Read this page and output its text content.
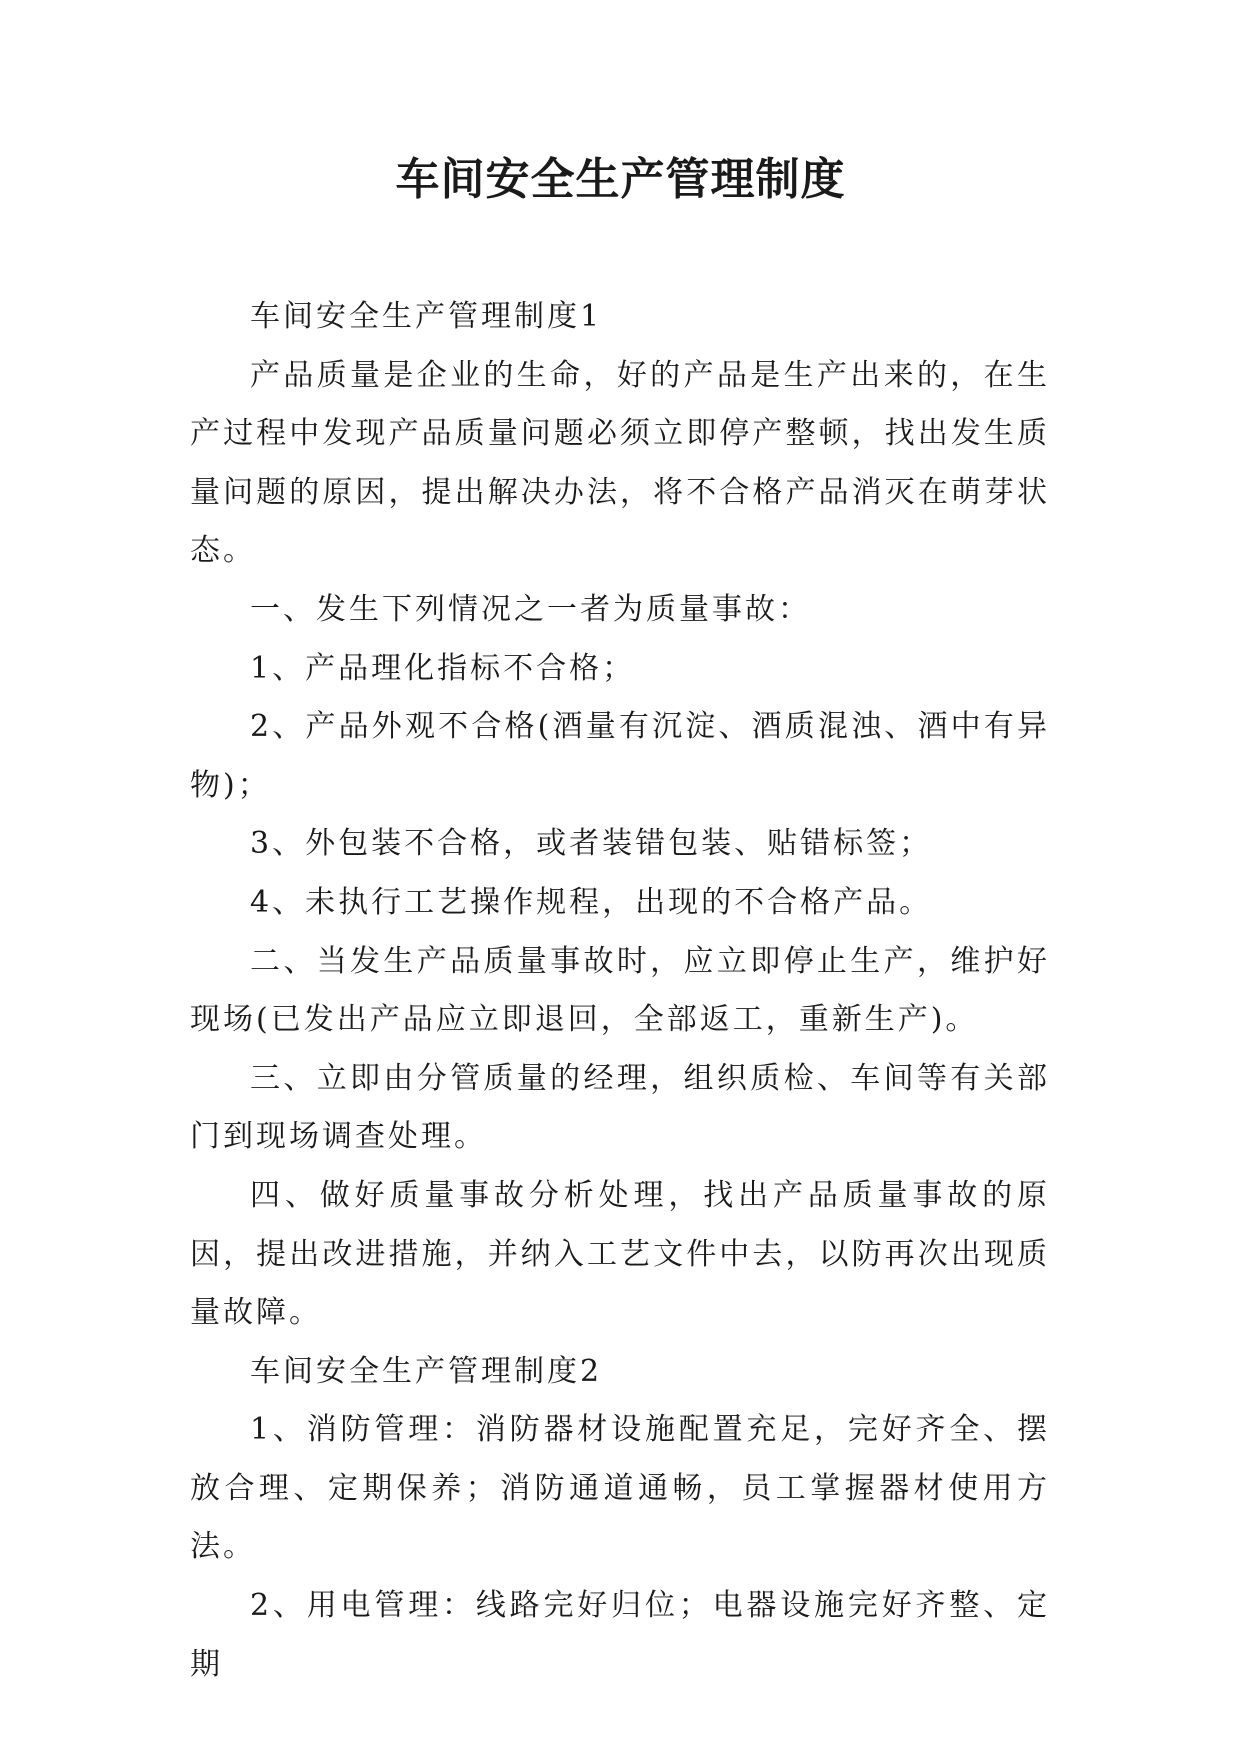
车间安全生产管理制度

车间安全生产管理制度1

产品质量是企业的生命，好的产品是生产出来的，在生产过程中发现产品质量问题必须立即停产整顿，找出发生质量问题的原因，提出解决办法，将不合格产品消灭在萌芽状态。

一、发生下列情况之一者为质量事故：

1、产品理化指标不合格；

2、产品外观不合格(酒量有沉淀、酒质混浊、酒中有异物)；

3、外包装不合格，或者装错包装、贴错标签；

4、未执行工艺操作规程，出现的不合格产品。

二、当发生产品质量事故时，应立即停止生产，维护好现场(已发出产品应立即退回，全部返工，重新生产)。

三、立即由分管质量的经理，组织质检、车间等有关部门到现场调查处理。

四、做好质量事故分析处理，找出产品质量事故的原因，提出改进措施，并纳入工艺文件中去，以防再次出现质量故障。

车间安全生产管理制度2

1、消防管理：消防器材设施配置充足，完好齐全、摆放合理、定期保养；消防通道通畅，员工掌握器材使用方法。

2、用电管理：线路完好归位；电器设施完好齐整、定期
